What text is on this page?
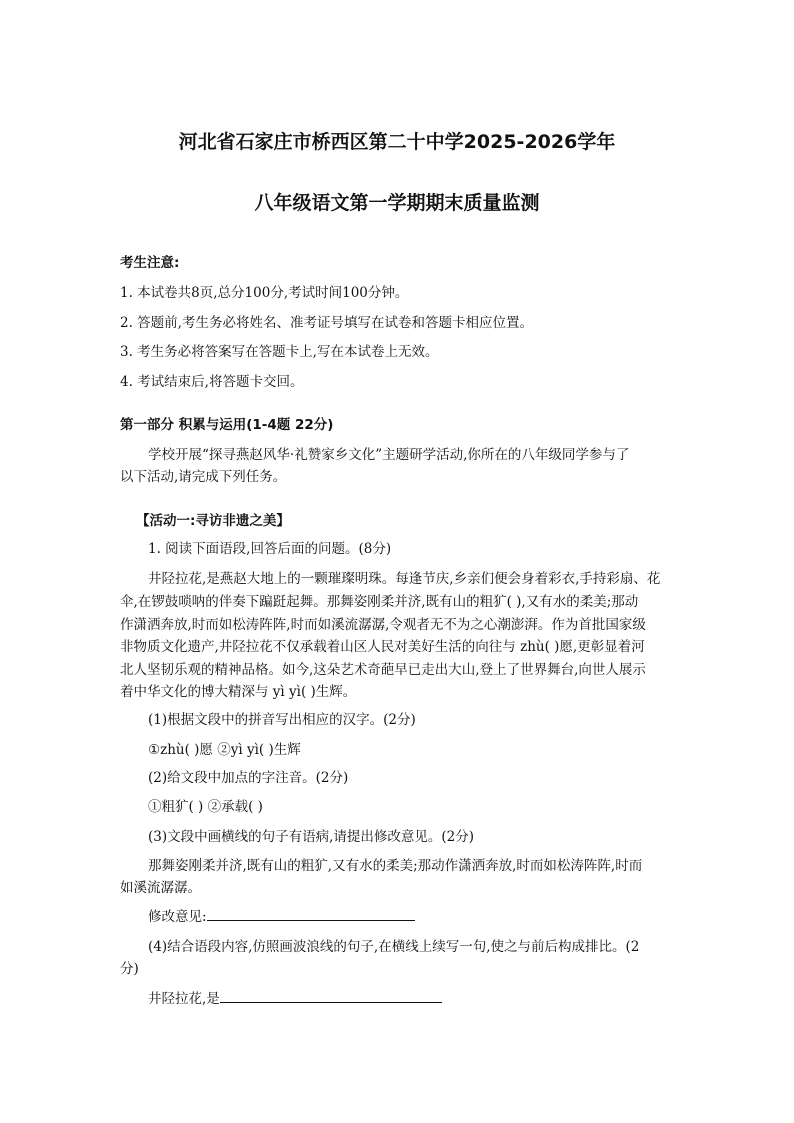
河北省石家庄市桥西区第二十中学2025-2026学年
八年级语文第一学期期末质量监测
考生注意:
1. 本试卷共8页,总分100分,考试时间100分钟。
2. 答题前,考生务必将姓名、准考证号填写在试卷和答题卡相应位置。
3. 考生务必将答案写在答题卡上,写在本试卷上无效。
4. 考试结束后,将答题卡交回。
第一部分 积累与运用(1-4题 22分)
学校开展“探寻燕赵风华·礼赞家乡文化”主题研学活动,你所在的八年级同学参与了
以下活动,请完成下列任务。
【活动一:寻访非遗之美】
1. 阅读下面语段,回答后面的问题。(8分)
井陉拉花,是燕赵大地上的一颗璀璨明珠。每逢节庆,乡亲们便会身着彩衣,手持彩扇、花
伞,在锣鼓唢呐的伴奏下蹁跹起舞。那舞姿刚柔并济,既有山的粗犷( ),又有水的柔美;那动
作潇洒奔放,时而如松涛阵阵,时而如溪流潺潺,令观者无不为之心潮澎湃。作为首批国家级
非物质文化遗产,井陉拉花不仅承载着山区人民对美好生活的向往与 zhù( )愿,更彰显着河
北人坚韧乐观的精神品格。如今,这朵艺术奇葩早已走出大山,登上了世界舞台,向世人展示
着中华文化的博大精深与 yì yì( )生辉。
(1)根据文段中的拼音写出相应的汉字。(2分)
①zhù( )愿 ②yì yì( )生辉
(2)给文段中加点的字注音。(2分)
①粗犷( ) ②承载( )
(3)文段中画横线的句子有语病,请提出修改意见。(2分)
那舞姿刚柔并济,既有山的粗犷,又有水的柔美;那动作潇洒奔放,时而如松涛阵阵,时而
如溪流潺潺。
修改意见:
(4)结合语段内容,仿照画波浪线的句子,在横线上续写一句,使之与前后构成排比。(2
分)
井陉拉花,是
